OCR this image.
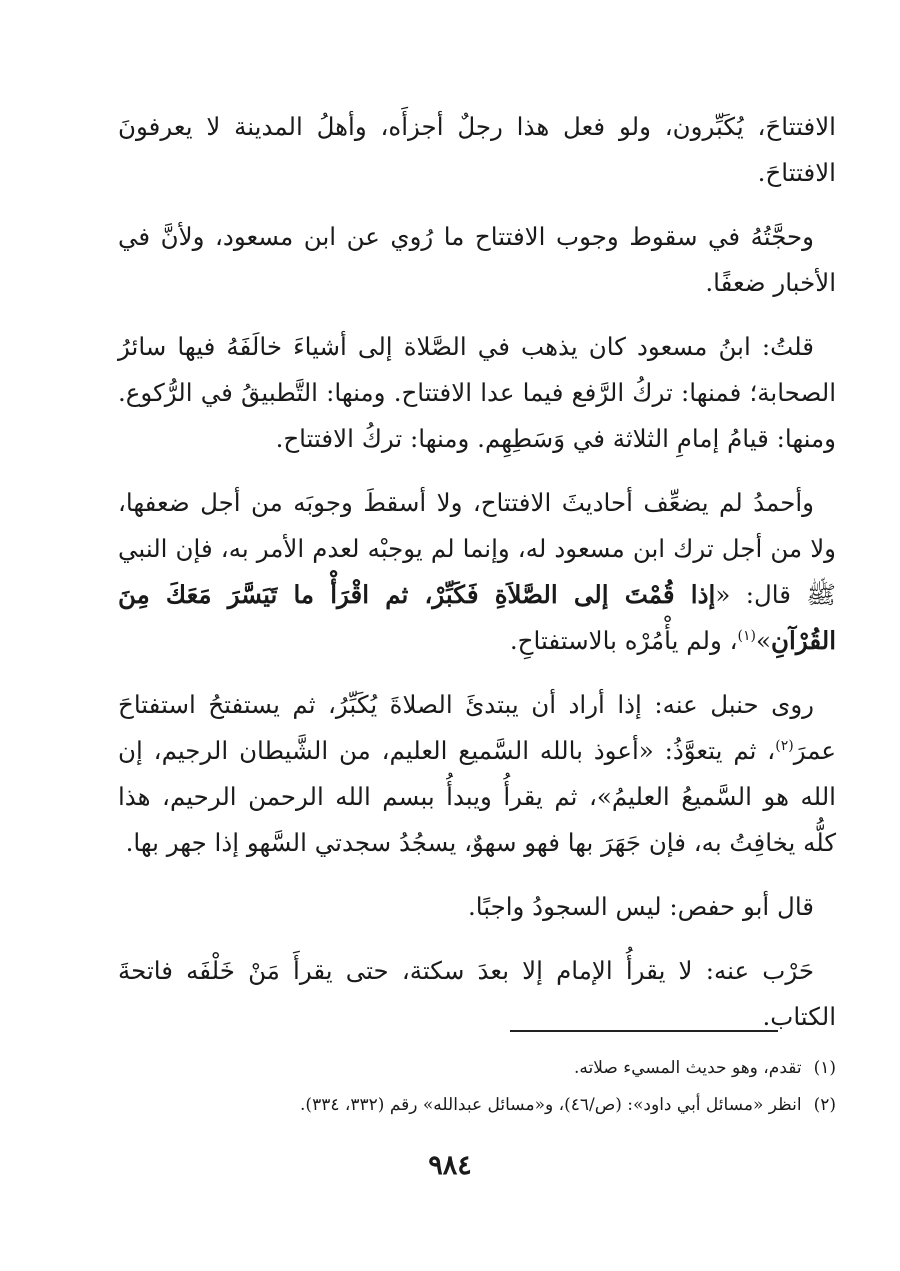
الافتتاحَ، يُكَبِّرون، ولو فعل هذا رجلٌ أجزأَه، وأهلُ المدينة لا يعرفونَ الافتتاحَ.

وحجَّتُهُ في سقوط وجوب الافتتاح ما رُوي عن ابن مسعود، ولأنَّ في الأخبار ضعفًا.

قلتُ: ابنُ مسعود كان يذهب في الصَّلاة إلى أشياءَ خالَفَهُ فيها سائرُ الصحابة؛ فمنها: تركُ الرَّفع فيما عدا الافتتاح. ومنها: التَّطبيقُ في الرُّكوع. ومنها: قيامُ إمامِ الثلاثة في وَسَطِهِم. ومنها: تركُ الافتتاح.

وأحمدُ لم يضعِّف أحاديثَ الافتتاح، ولا أسقطَ وجوبَه من أجل ضعفها، ولا من أجل ترك ابن مسعود له، وإنما لم يوجبْه لعدم الأمر به، فإن النبي ﷺ قال: «إذا قُمْتَ إلى الصَّلاَةِ فَكَبِّرْ، ثم اقْرَأْ ما تَيَسَّرَ مَعَكَ مِنَ القُرْآنِ»$^{(١)}$، ولم يأْمُرْه بالاستفتاحِ.

روى حنبل عنه: إذا أراد أن يبتدئَ الصلاةَ يُكَبِّرُ، ثم يستفتحُ استفتاحَ عمرَ$^{(٢)}$، ثم يتعوَّذُ: «أعوذ بالله السَّميع العليم، من الشَّيطان الرجيم، إن الله هو السَّميعُ العليمُ»، ثم يقرأُ ويبدأُ ببسم الله الرحمن الرحيم، هذا كلُّه يخافِتُ به، فإن جَهَرَ بها فهو سهوٌ، يسجُدُ سجدتي السَّهو إذا جهر بها.

قال أبو حفص: ليس السجودُ واجبًا.

حَرْب عنه: لا يقرأُ الإمام إلا بعدَ سكتة، حتى يقرأَ مَنْ خَلْفَه فاتحةَ الكتاب.

(١)تقدم، وهو حديث المسيء صلاته.

(٢)انظر «مسائل أبي داود»: (ص/٤٦)، و«مسائل عبدالله» رقم (٣٣٢، ٣٣٤).

٩٨٤
